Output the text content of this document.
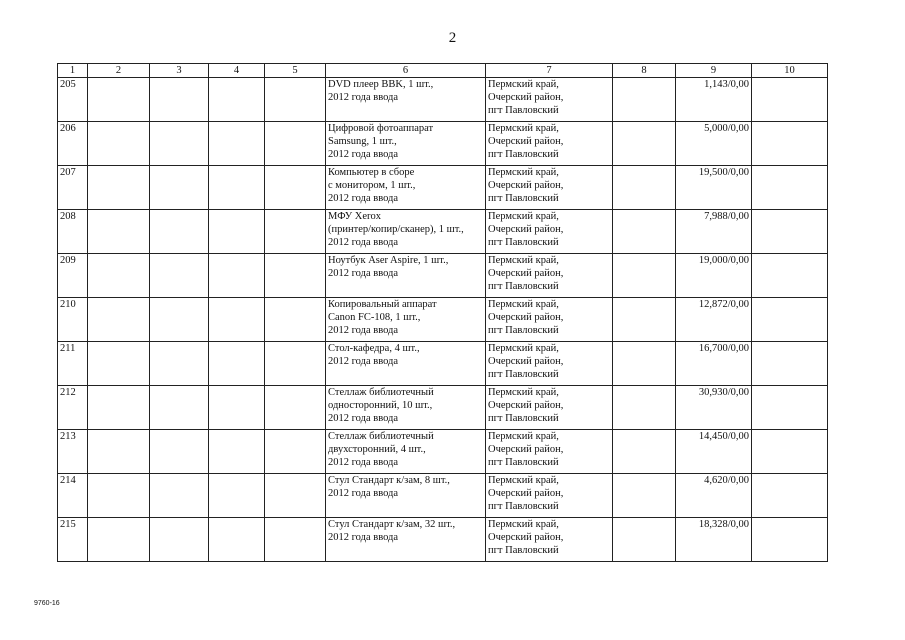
2
1	2	3	4	5	6	7	8	9	10
205					DVD плеер BBK, 1 шт.,
2012 года ввода	Пермский край,
Очерский район,
пгт Павловский		1,143/0,00	
206					Цифровой фотоаппарат
Samsung, 1 шт.,
2012 года ввода	Пермский край,
Очерский район,
пгт Павловский		5,000/0,00	
207					Компьютер в сборе
с монитором, 1 шт.,
2012 года ввода	Пермский край,
Очерский район,
пгт Павловский		19,500/0,00	
208					МФУ Xerox
(принтер/копир/сканер), 1 шт.,
2012 года ввода	Пермский край,
Очерский район,
пгт Павловский		7,988/0,00	
209					Ноутбук Aser Aspire, 1 шт.,
2012 года ввода	Пермский край,
Очерский район,
пгт Павловский		19,000/0,00	
210					Копировальный аппарат
Canon FC-108, 1 шт.,
2012 года ввода	Пермский край,
Очерский район,
пгт Павловский		12,872/0,00	
211					Стол-кафедра, 4 шт.,
2012 года ввода	Пермский край,
Очерский район,
пгт Павловский		16,700/0,00	
212					Стеллаж библиотечный
односторонний, 10 шт.,
2012 года ввода	Пермский край,
Очерский район,
пгт Павловский		30,930/0,00	
213					Стеллаж библиотечный
двухсторонний, 4 шт.,
2012 года ввода	Пермский край,
Очерский район,
пгт Павловский		14,450/0,00	
214					Стул Стандарт к/зам, 8 шт.,
2012 года ввода	Пермский край,
Очерский район,
пгт Павловский		4,620/0,00	
215					Стул Стандарт к/зам, 32 шт.,
2012 года ввода	Пермский край,
Очерский район,
пгт Павловский		18,328/0,00	
9760-16
